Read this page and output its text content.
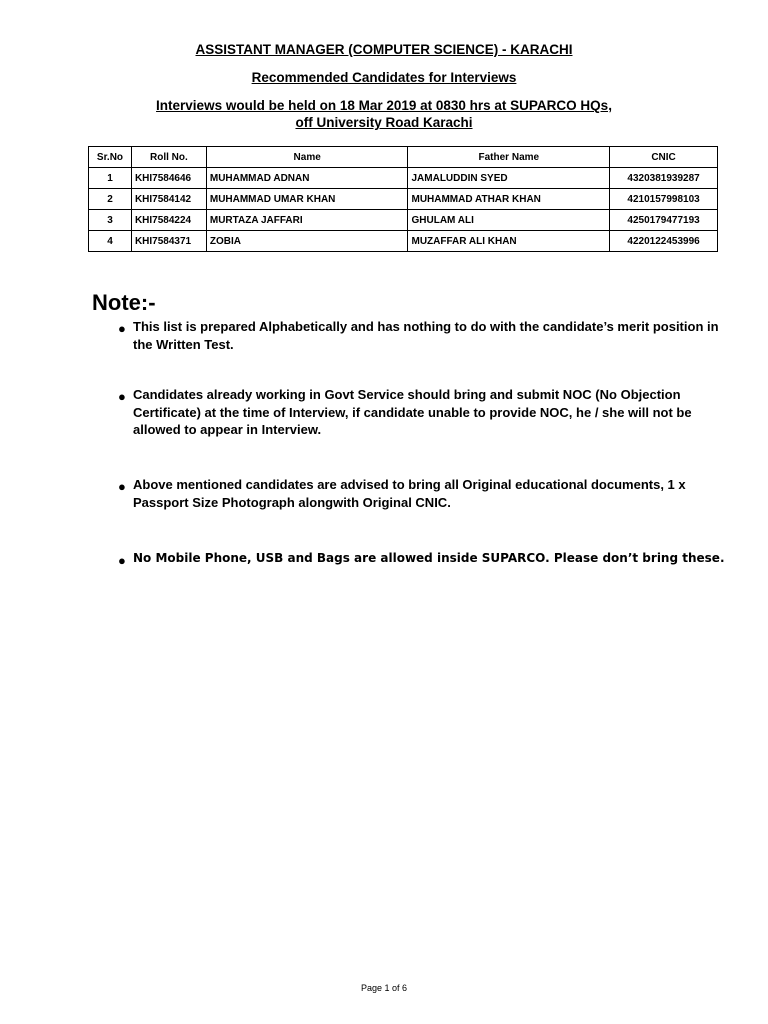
ASSISTANT MANAGER (COMPUTER SCIENCE) - KARACHI
Recommended Candidates for Interviews
Interviews would be held on 18 Mar 2019 at 0830 hrs at SUPARCO HQs,
off University Road Karachi
Sr.No	Roll No.	Name	Father Name	CNIC
1	KHI7584646	MUHAMMAD ADNAN	JAMALUDDIN SYED	4320381939287
2	KHI7584142	MUHAMMAD UMAR KHAN	MUHAMMAD ATHAR KHAN	4210157998103
3	KHI7584224	MURTAZA JAFFARI	GHULAM ALI	4250179477193
4	KHI7584371	ZOBIA	MUZAFFAR ALI KHAN	4220122453996
Note:-
● This list is prepared Alphabetically and has nothing to do with the candidate’s merit position in the Written Test.
● Candidates already working in Govt Service should bring and submit NOC (No Objection Certificate) at the time of Interview, if candidate unable to provide NOC, he / she will not be allowed to appear in Interview.
● Above mentioned candidates are advised to bring all Original educational documents, 1 x Passport Size Photograph alongwith Original CNIC.
● No Mobile Phone, USB and Bags are allowed inside SUPARCO. Please don’t bring these.
Page 1 of 6
